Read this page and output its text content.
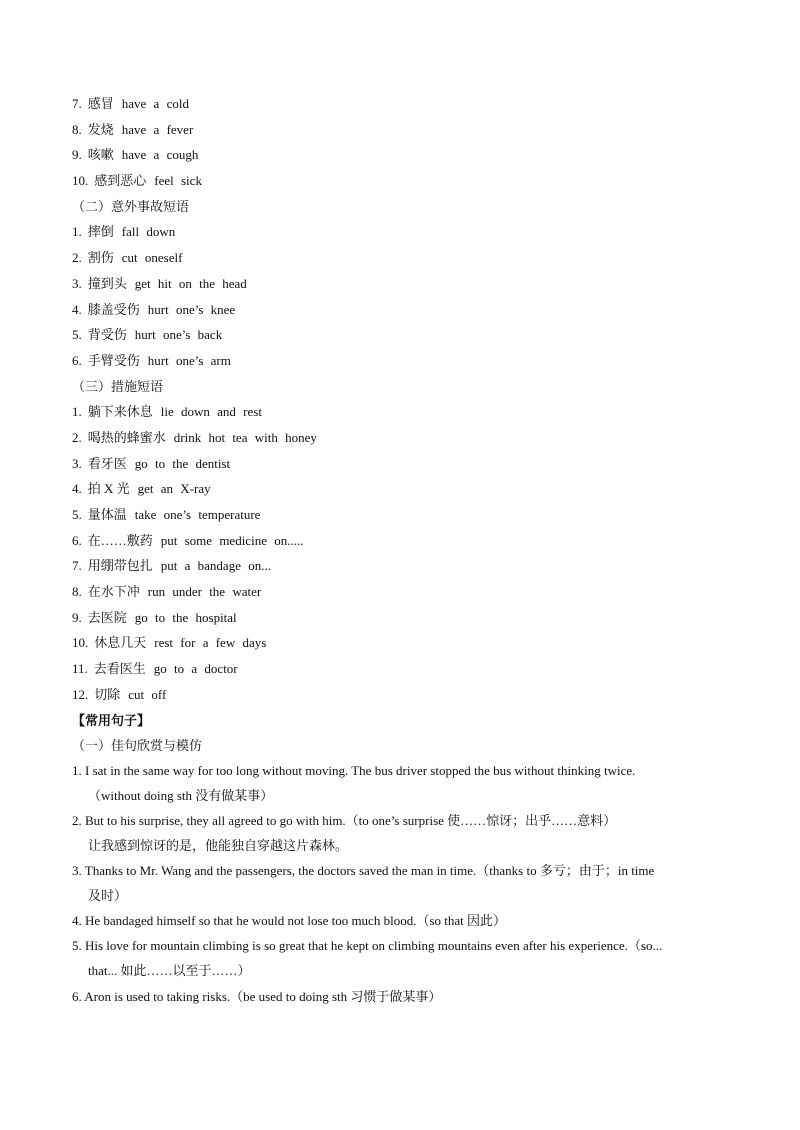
7. 感冒 have a cold
8. 发烧 have a fever
9. 咳嗽 have a cough
10. 感到恶心 feel sick
（二）意外事故短语
1. 摔倒 fall down
2. 割伤 cut oneself
3. 撞到头 get hit on the head
4. 膝盖受伤 hurt one’s knee
5. 背受伤 hurt one’s back
6. 手臂受伤 hurt one’s arm
（三）措施短语
1. 躺下来休息 lie down and rest
2. 喝热的蜂蜜水 drink hot tea with honey
3. 看牙医 go to the dentist
4. 拍 X 光 get an X-ray
5. 量体温 take one’s temperature
6. 在……敷药 put some medicine on.....
7. 用绷带包扎 put a bandage on...
8. 在水下冲 run under the water
9. 去医院 go to the hospital
10. 休息几天 rest for a few days
11. 去看医生 go to a doctor
12. 切除 cut off
【常用句子】
（一）佳句欣赏与模仿
1. I sat in the same way for too long without moving. The bus driver stopped the bus without thinking twice.
（without doing sth 没有做某事）
2. But to his surprise, they all agreed to go with him.（to one’s surprise 使……惊讶；出乎……意料）
让我感到惊讶的是，他能独自穿越这片森林。
3. Thanks to Mr. Wang and the passengers, the doctors saved the man in time.（thanks to 多亏；由于；in time
及时）
4. He bandaged himself so that he would not lose too much blood.（so that 因此）
5. His love for mountain climbing is so great that he kept on climbing mountains even after his experience.（so...
that... 如此……以至于……）
6. Aron is used to taking risks.（be used to doing sth 习惯于做某事）
